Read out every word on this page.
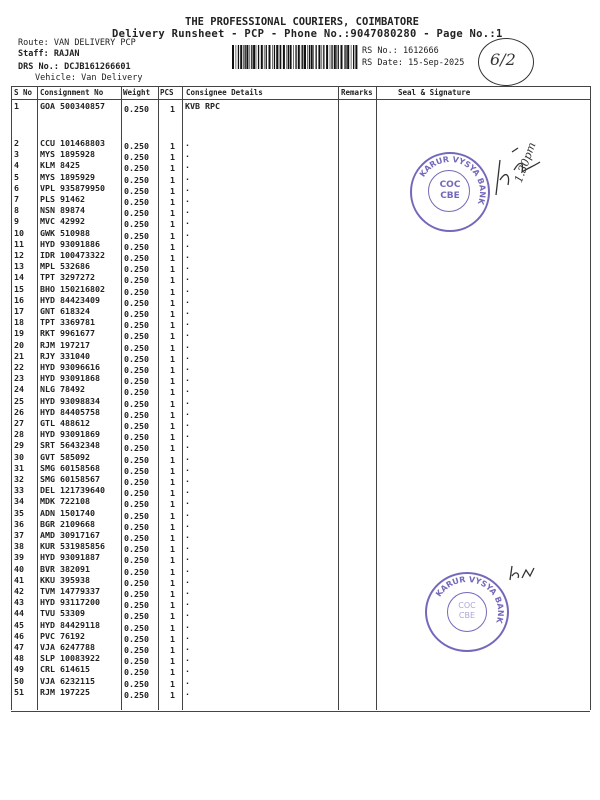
THE PROFESSIONAL COURIERS, COIMBATORE
Delivery Runsheet - PCP - Phone No.:9047080280 - Page No.:1
Route: VAN DELIVERY PCP
Staff: RAJAN
DRS No.: DCJB161266601
Vehicle: Van Delivery
RS No.: 1612666
RS Date: 15-Sep-2025 6/2
S No Consignment No	Weight PCS Consignee Details	Remarks	Seal & Signature
1	GOA 500340857 0.250	1 KVB RPC
2	CCU 101468803 0.250	1 .
3	MYS 1895928	0.250	1 .
4	KLM 8425	0.250	1 .
5	MYS 1895929	0.250	1 .
6	VPL 935879950 0.250	1 .
7	PLS 91462	0.250	1 .
8	NSN 89874	0.250	1 .
9	MVC 42992	0.250	1 .
10 GWK 510988	0.250	1 .
11 HYD 93091886	0.250	1 .
12 IDR 100473322 0.250	1 .
13 MPL 532686	0.250	1 .
14 TPT 3297272	0.250	1 .
15 BHO 150216802 0.250	1 .
16 HYD 84423409	0.250	1 .
17 GNT 618324	0.250	1 .
18 TPT 3369781	0.250	1 .
19 RKT 9961677	0.250	1 .
20 RJM 197217	0.250	1 .
21 RJY 331040	0.250	1 .
22 HYD 93096616	0.250	1 .
23 HYD 93091868	0.250	1 .
24 NLG 78492	0.250	1 .
25 HYD 93098834	0.250	1 .
26 HYD 84405758	0.250	1 .
27 GTL 488612	0.250	1 .
28 HYD 93091869	0.250	1 .
29 SRT 56432348	0.250	1 .
30 GVT 585092	0.250	1 .
31 SMG 60158568	0.250	1 .
32 SMG 60158567	0.250	1 .
33 DEL 121739640 0.250	1 .
34 MDK 722108	0.250	1 .
35 ADN 1501740	0.250	1 .
36 BGR 2109668	0.250	1 .
37 AMD 30917167	0.250	1 .
38 KUR 531985856 0.250	1 .
39 HYD 93091887	0.250	1 .
40 BVR 382091	0.250	1 .
41 KKU 395938	0.250	1 .
42 TVM 14779337	0.250	1 .
43 HYD 93117200	0.250	1 .
44 TVU 53309	0.250	1 .
45 HYD 84429118	0.250	1 .
46 PVC 76192	0.250	1 .
47 VJA 6247788	0.250	1 .
48 SLP 10083922	0.250	1 .
49 CRL 614615	0.250	1 .
50 VJA 6232115	0.250	1 .
51 RJM 197225	0.250	1 .
KARUR VYSYA BANK
COC
CBE
KARUR VYSYA BANK
COC
CBE
1.30pm
